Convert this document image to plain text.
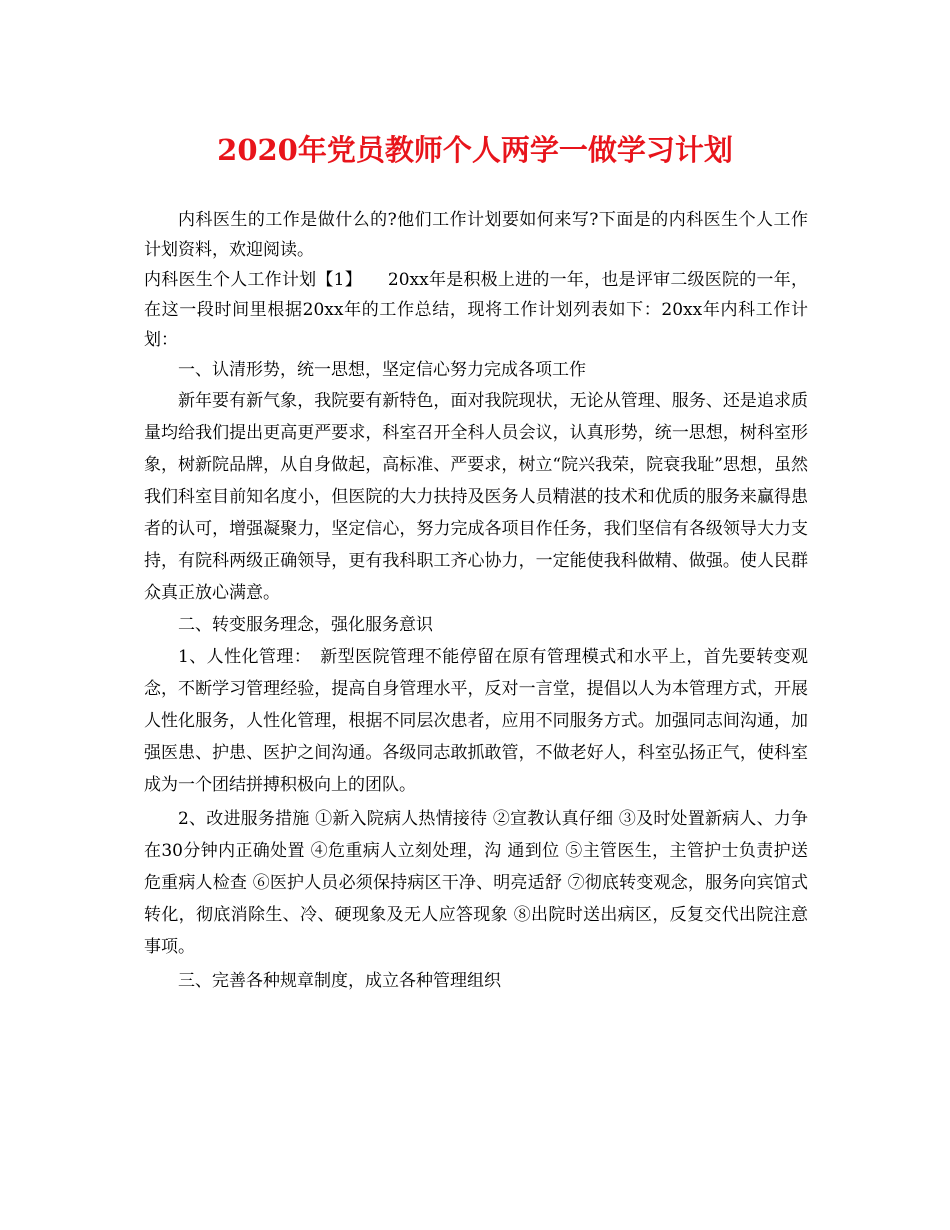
2020年党员教师个人两学一做学习计划

内科医生的工作是做什么的?他们工作计划要如何来写?下面是的内科医生个人工作计划资料，欢迎阅读。

内科医生个人工作计划【1】　　20xx年是积极上进的一年，也是评审二级医院的一年，在这一段时间里根据20xx年的工作总结，现将工作计划列表如下：20xx年内科工作计划：

一、认清形势，统一思想，坚定信心努力完成各项工作

新年要有新气象，我院要有新特色，面对我院现状，无论从管理、服务、还是追求质量均给我们提出更高更严要求，科室召开全科人员会议，认真形势，统一思想，树科室形象，树新院品牌，从自身做起，高标准、严要求，树立“院兴我荣，院衰我耻”思想，虽然我们科室目前知名度小，但医院的大力扶持及医务人员精湛的技术和优质的服务来赢得患者的认可，增强凝聚力，坚定信心，努力完成各项目作任务，我们坚信有各级领导大力支持，有院科两级正确领导，更有我科职工齐心协力，一定能使我科做精、做强。使人民群众真正放心满意。

二、转变服务理念，强化服务意识

1、人性化管理：　新型医院管理不能停留在原有管理模式和水平上，首先要转变观念，不断学习管理经验，提高自身管理水平，反对一言堂，提倡以人为本管理方式，开展人性化服务，人性化管理，根据不同层次患者，应用不同服务方式。加强同志间沟通，加强医患、护患、医护之间沟通。各级同志敢抓敢管，不做老好人，科室弘扬正气，使科室成为一个团结拼搏积极向上的团队。

2、改进服务措施 ①新入院病人热情接待 ②宣教认真仔细 ③及时处置新病人、力争在30分钟内正确处置 ④危重病人立刻处理，沟 通到位 ⑤主管医生，主管护士负责护送危重病人检查 ⑥医护人员必须保持病区干净、明亮适舒 ⑦彻底转变观念，服务向宾馆式转化，彻底消除生、冷、硬现象及无人应答现象 ⑧出院时送出病区，反复交代出院注意事项。

三、完善各种规章制度，成立各种管理组织
